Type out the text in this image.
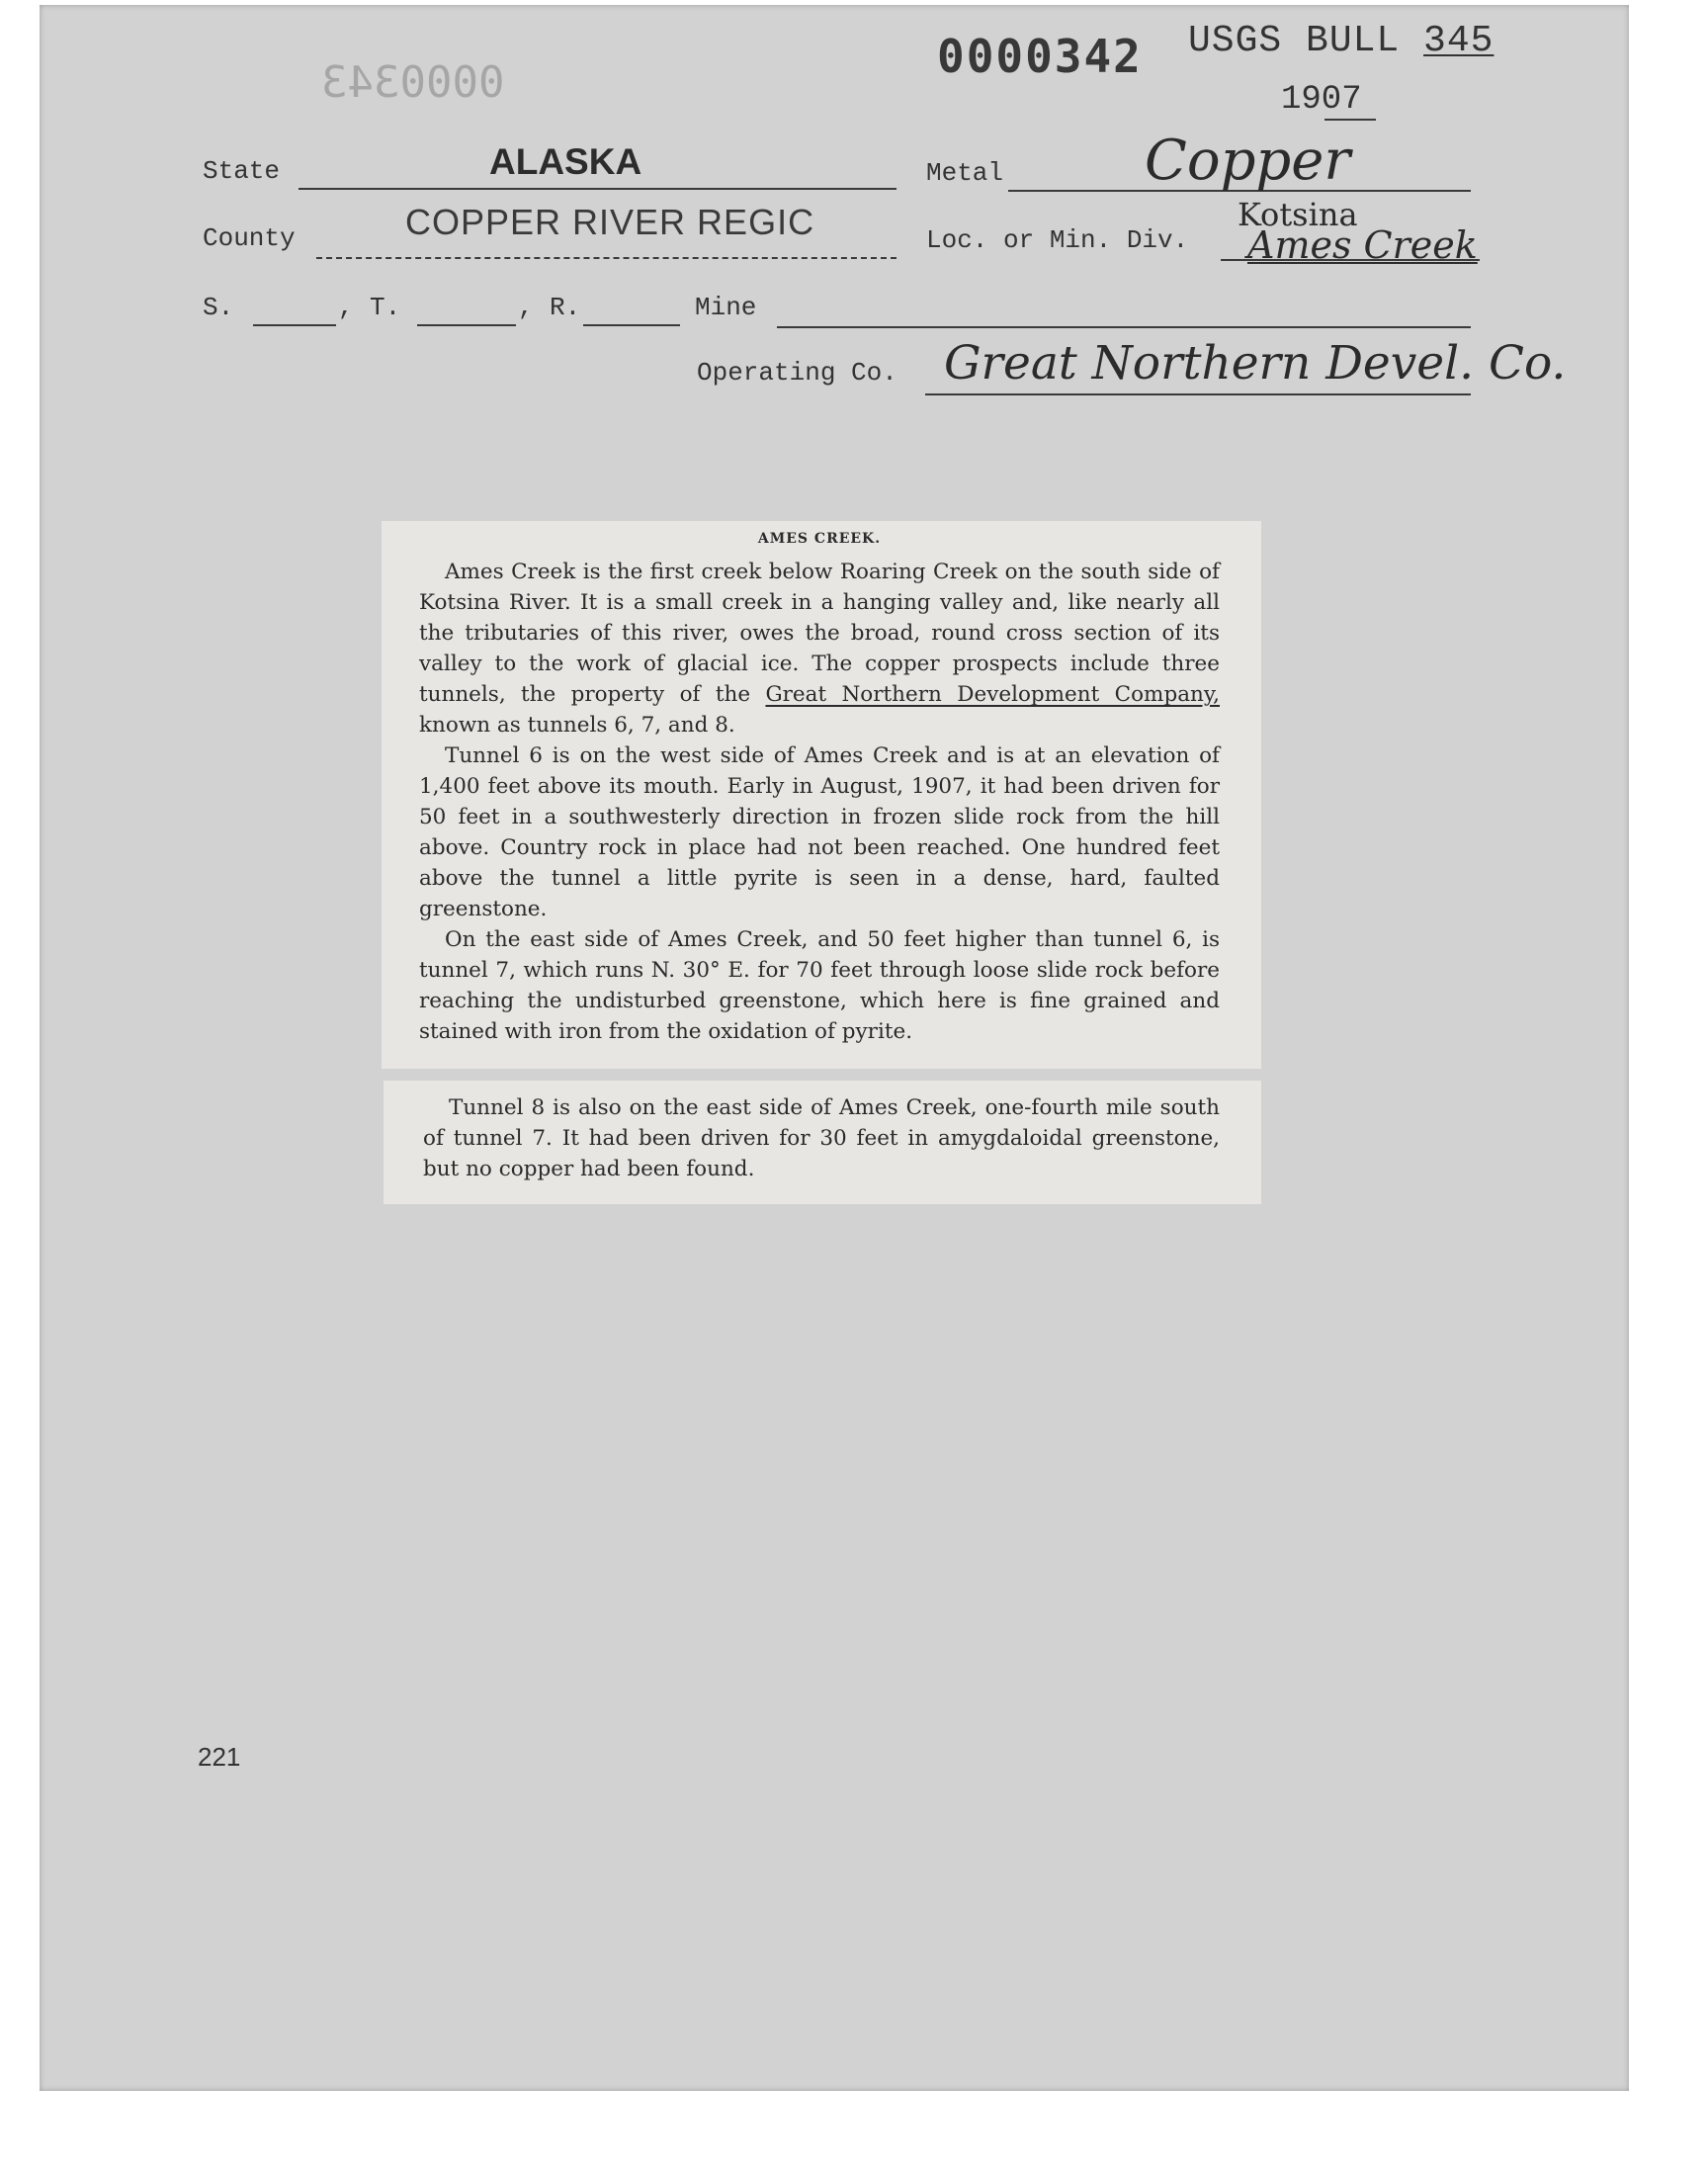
0000343	0000342 USGS BULL 345
1907
State	ALASKA	Metal	Copper
County	COPPER RIVER REGIC	Loc. or Min. Div.
Kotsina
Ames Creek
S.	, T.	, R.	Mine
Operating Co. Great Northern Devel. Co.
AMES CREEK.

Ames Creek is the first creek below Roaring Creek on the south side of Kotsina River. It is a small creek in a hanging valley and, like nearly all the tributaries of this river, owes the broad, round cross section of its valley to the work of glacial ice. The copper prospects include three tunnels, the property of the Great Northern Development Company, known as tunnels 6, 7, and 8.

Tunnel 6 is on the west side of Ames Creek and is at an elevation of 1,400 feet above its mouth. Early in August, 1907, it had been driven for 50 feet in a southwesterly direction in frozen slide rock from the hill above. Country rock in place had not been reached. One hundred feet above the tunnel a little pyrite is seen in a dense, hard, faulted greenstone.

On the east side of Ames Creek, and 50 feet higher than tunnel 6, is tunnel 7, which runs N. 30° E. for 70 feet through loose slide rock before reaching the undisturbed greenstone, which here is fine grained and stained with iron from the oxidation of pyrite.

Tunnel 8 is also on the east side of Ames Creek, one-fourth mile south of tunnel 7. It had been driven for 30 feet in amygdaloidal greenstone, but no copper had been found.

221
